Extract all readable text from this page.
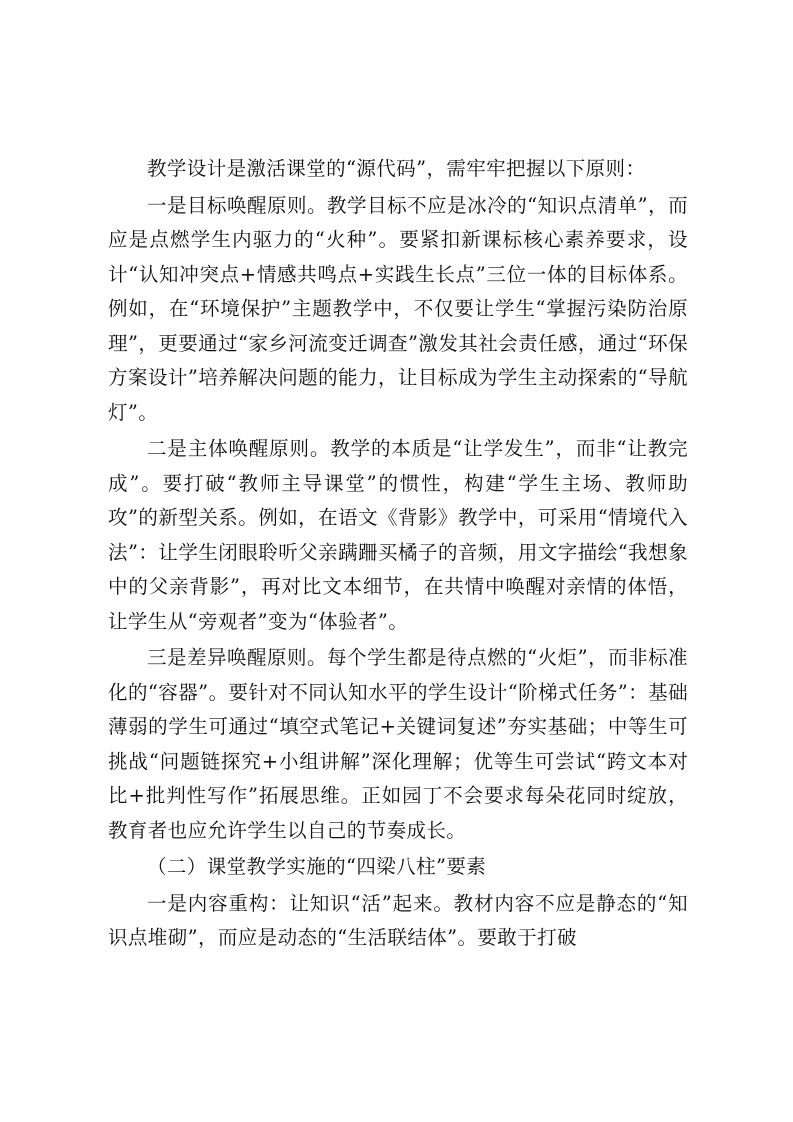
教学设计是激活课堂的“源代码”，需牢牢把握以下原则：

一是目标唤醒原则。教学目标不应是冰冷的“知识点清单”，而应是点燃学生内驱力的“火种”。要紧扣新课标核心素养要求，设计“认知冲突点+情感共鸣点+实践生长点”三位一体的目标体系。例如，在“环境保护”主题教学中，不仅要让学生“掌握污染防治原理”，更要通过“家乡河流变迁调查”激发其社会责任感，通过“环保方案设计”培养解决问题的能力，让目标成为学生主动探索的“导航灯”。

二是主体唤醒原则。教学的本质是“让学发生”，而非“让教完成”。要打破“教师主导课堂”的惯性，构建“学生主场、教师助攻”的新型关系。例如，在语文《背影》教学中，可采用“情境代入法”：让学生闭眼聆听父亲蹒跚买橘子的音频，用文字描绘“我想象中的父亲背影”，再对比文本细节，在共情中唤醒对亲情的体悟，让学生从“旁观者”变为“体验者”。

三是差异唤醒原则。每个学生都是待点燃的“火炬”，而非标准化的“容器”。要针对不同认知水平的学生设计“阶梯式任务”：基础薄弱的学生可通过“填空式笔记+关键词复述”夯实基础；中等生可挑战“问题链探究+小组讲解”深化理解；优等生可尝试“跨文本对比+批判性写作”拓展思维。正如园丁不会要求每朵花同时绽放，教育者也应允许学生以自己的节奏成长。

（二）课堂教学实施的“四梁八柱”要素

一是内容重构：让知识“活”起来。教材内容不应是静态的“知识点堆砌”，而应是动态的“生活联结体”。要敢于打破
